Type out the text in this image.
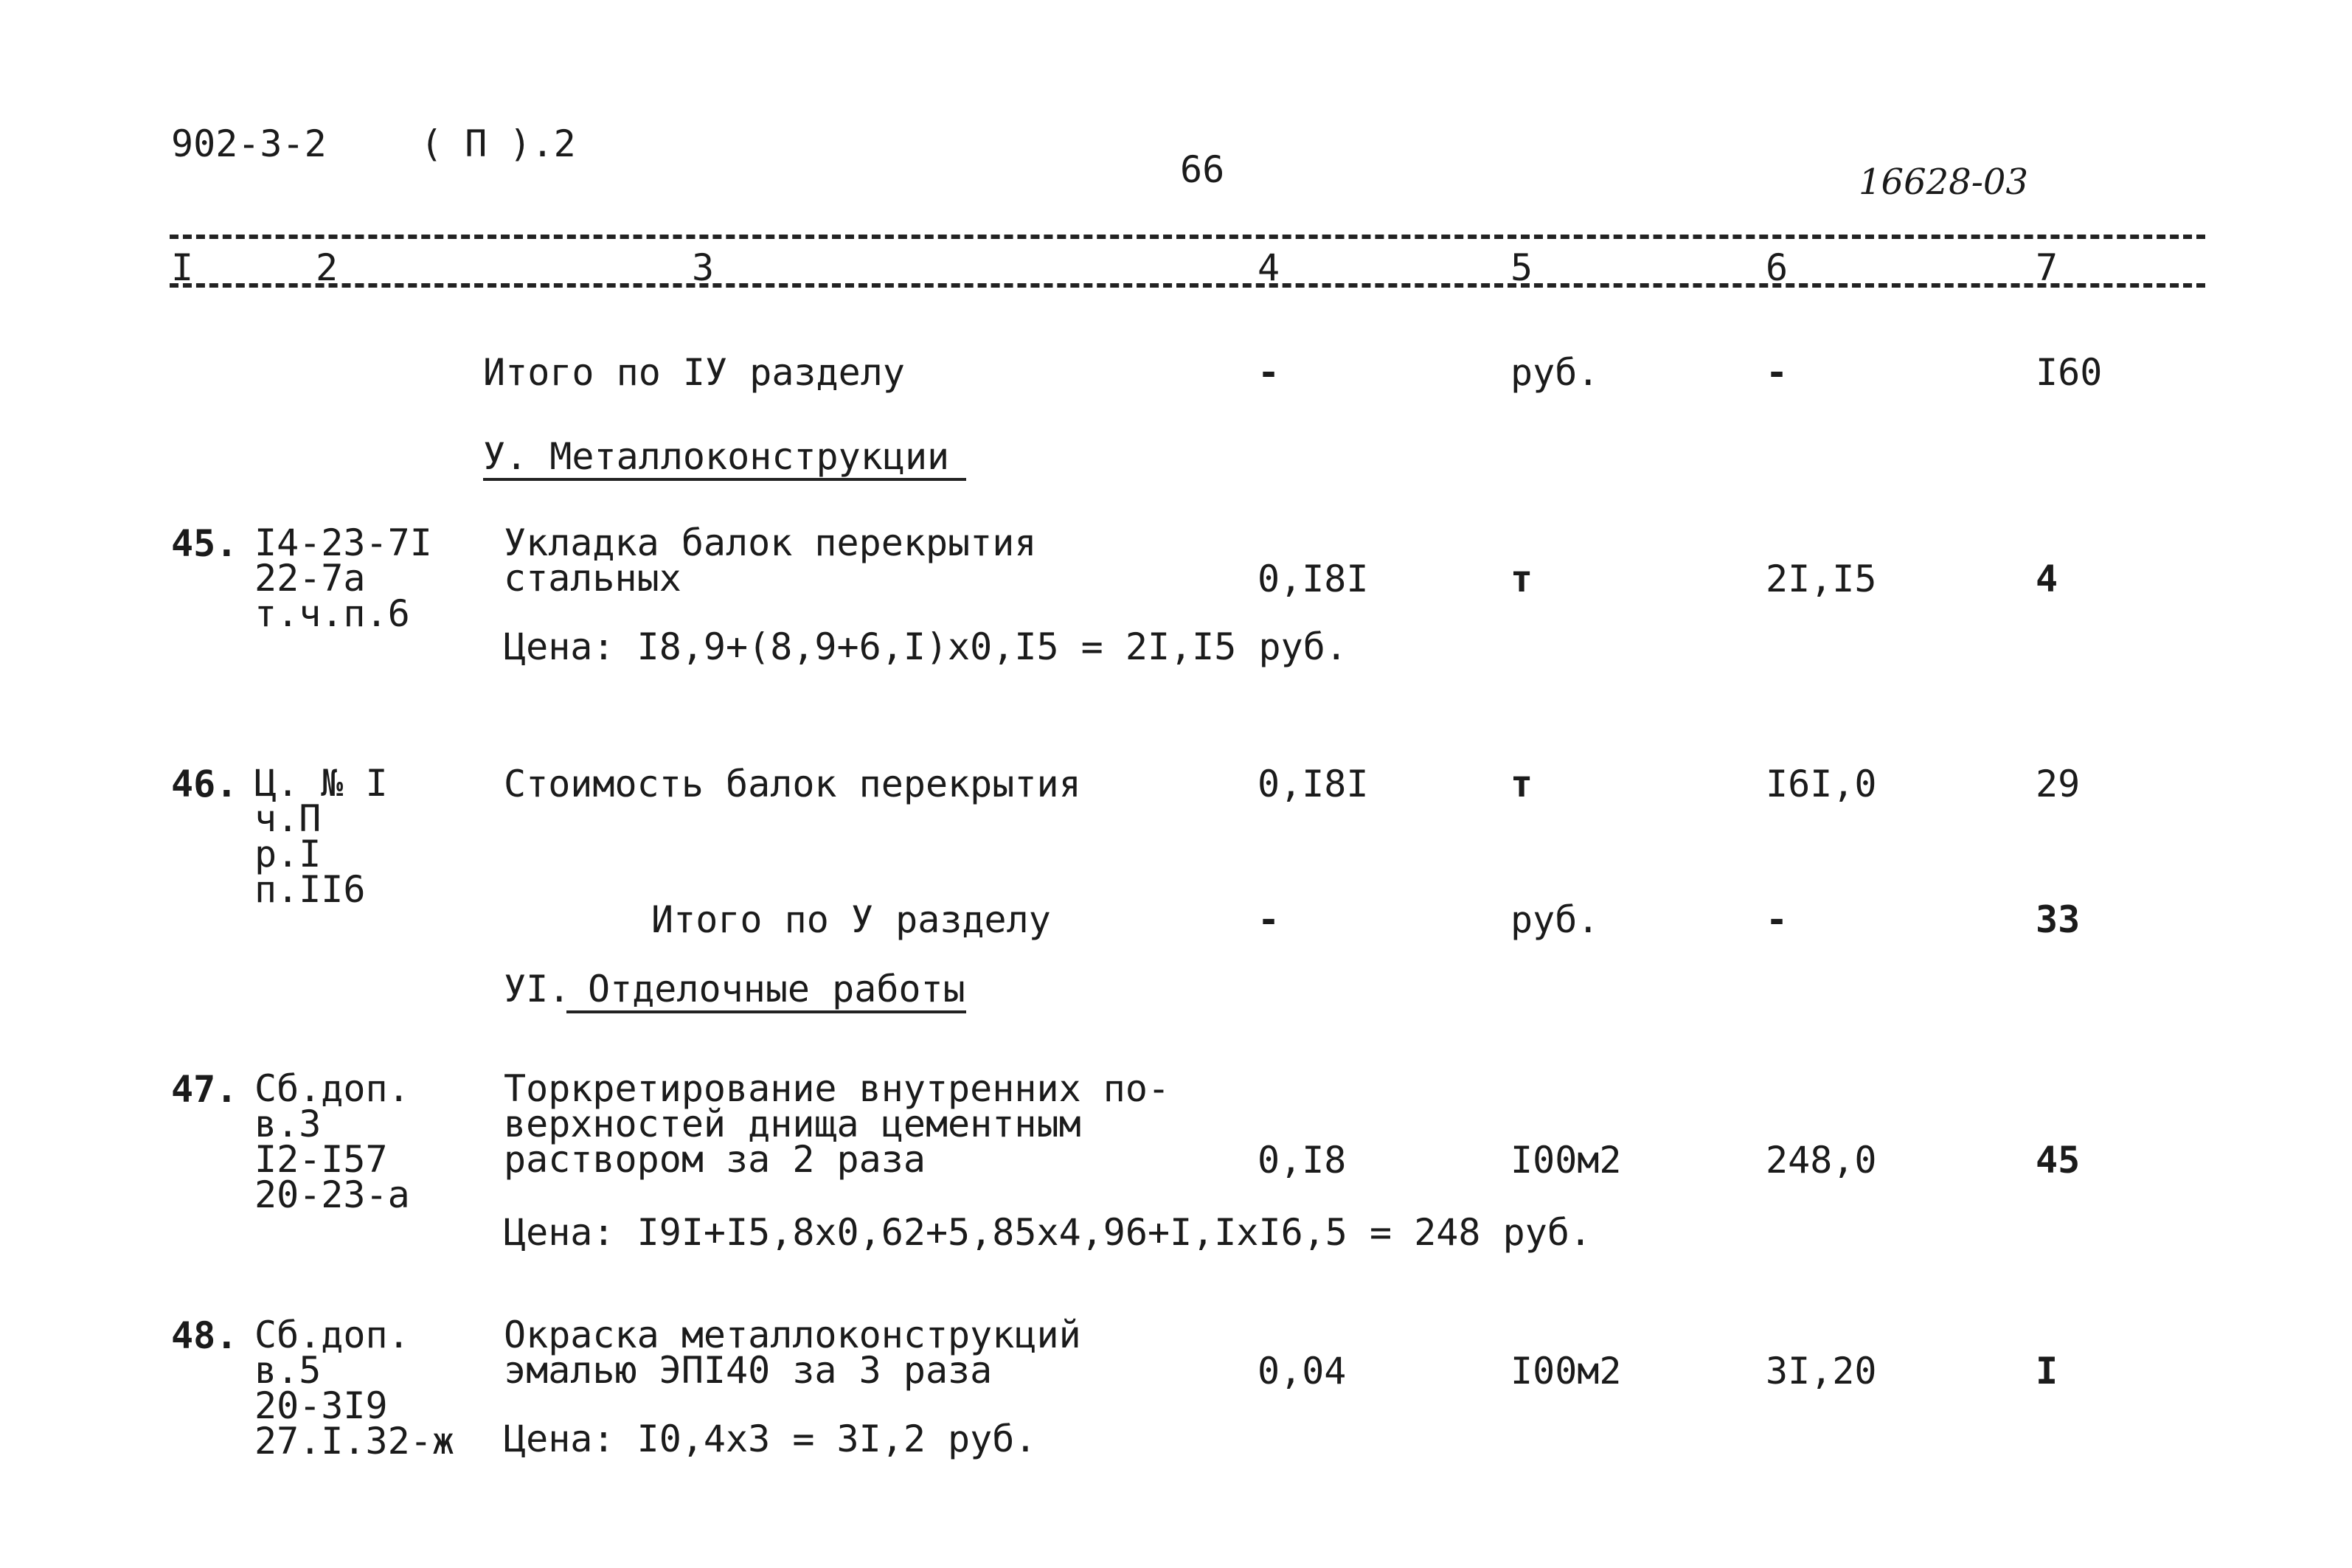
902-3-2	( П ).2
66	16628-03
I	2	3	4	5	6	7
Итого по IУ разделу	-	руб.	-	I60
У. Металлоконструкции
45. I4-23-7I
22-7а
т.ч.п.6
Укладка балок перекрытия
стальных	0,I8I	т	2I,I5	4
Цена: I8,9+(8,9+6,I)x0,I5 = 2I,I5 руб.
46. Ц. № I
ч.П
р.I
п.II6
Стоимость балок перекрытия	0,I8I	т	I6I,0	29
Итого по У разделу	-	руб.	-	33
УI. Отделочные работы
47. Сб.доп.
в.3
I2-I57
20-23-а
Торкретирование внутренних по-
верхностей днища цементным
раствором за 2 раза	0,I8	I00м2	248,0	45
Цена: I9I+I5,8x0,62+5,85x4,96+I,IxI6,5 = 248 руб.
48. Сб.доп.
в.5
20-3I9
27.I.32-ж
Окраска металлоконструкций
эмалью ЭПI40 за 3 раза	0,04	I00м2	3I,20	I
Цена: I0,4x3 = 3I,2 руб.
